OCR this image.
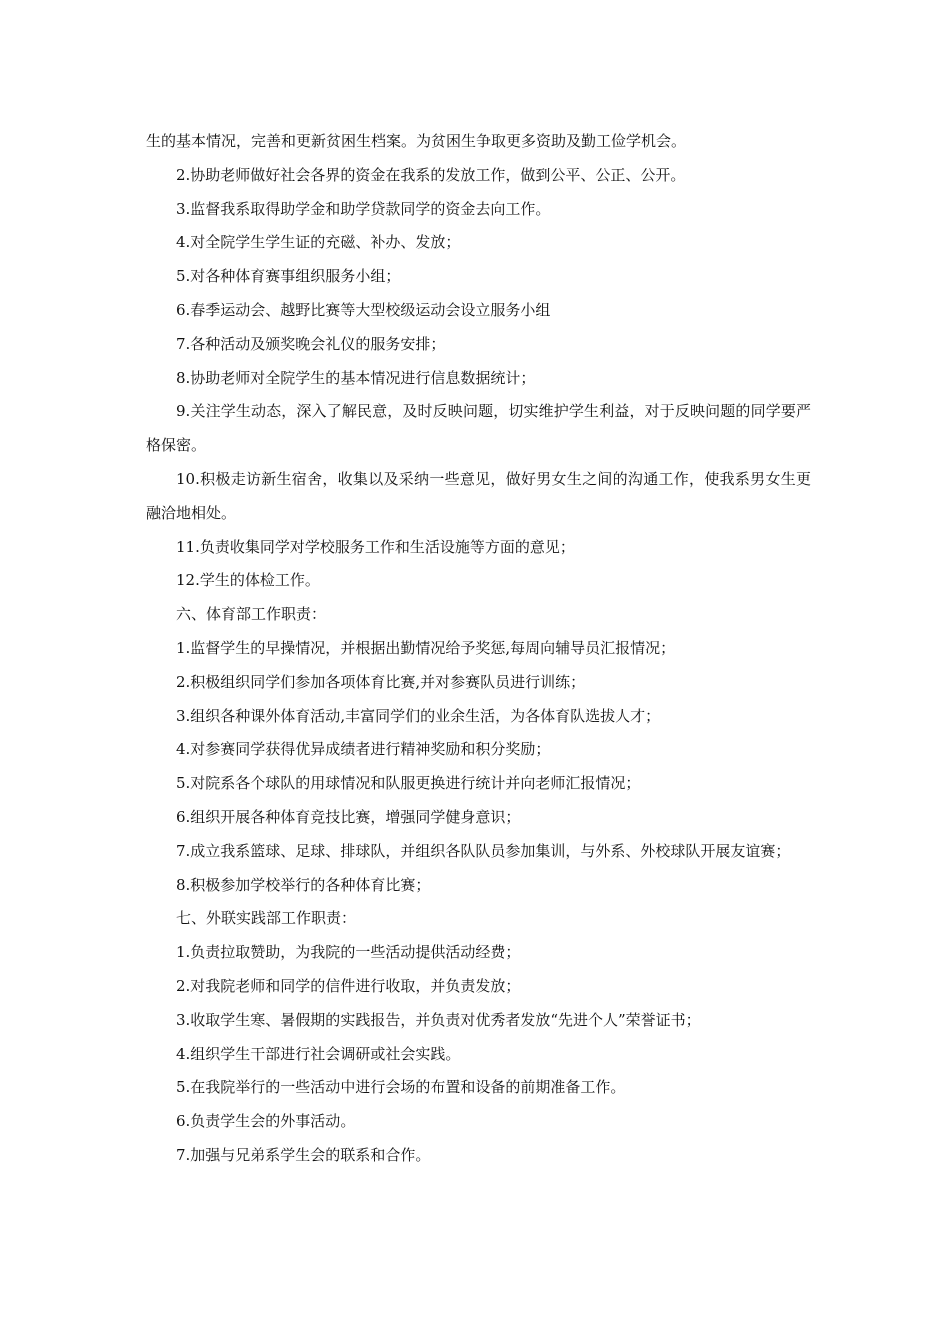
生的基本情况，完善和更新贫困生档案。为贫困生争取更多资助及勤工俭学机会。

2.协助老师做好社会各界的资金在我系的发放工作，做到公平、公正、公开。

3.监督我系取得助学金和助学贷款同学的资金去向工作。

4.对全院学生学生证的充磁、补办、发放；

5.对各种体育赛事组织服务小组；

6.春季运动会、越野比赛等大型校级运动会设立服务小组

7.各种活动及颁奖晚会礼仪的服务安排；

8.协助老师对全院学生的基本情况进行信息数据统计；

9.关注学生动态，深入了解民意，及时反映问题，切实维护学生利益，对于反映问题的同学要严格保密。

10.积极走访新生宿舍，收集以及采纳一些意见，做好男女生之间的沟通工作，使我系男女生更融洽地相处。

11.负责收集同学对学校服务工作和生活设施等方面的意见；

12.学生的体检工作。

六、体育部工作职责：

1.监督学生的早操情况，并根据出勤情况给予奖惩,每周向辅导员汇报情况；

2.积极组织同学们参加各项体育比赛,并对参赛队员进行训练；

3.组织各种课外体育活动,丰富同学们的业余生活，为各体育队选拔人才；

4.对参赛同学获得优异成绩者进行精神奖励和积分奖励；

5.对院系各个球队的用球情况和队服更换进行统计并向老师汇报情况；

6.组织开展各种体育竞技比赛，增强同学健身意识；

7.成立我系篮球、足球、排球队，并组织各队队员参加集训，与外系、外校球队开展友谊赛；

8.积极参加学校举行的各种体育比赛；

七、外联实践部工作职责：

1.负责拉取赞助，为我院的一些活动提供活动经费；

2.对我院老师和同学的信件进行收取，并负责发放；

3.收取学生寒、暑假期的实践报告，并负责对优秀者发放“先进个人”荣誉证书；

4.组织学生干部进行社会调研或社会实践。

5.在我院举行的一些活动中进行会场的布置和设备的前期准备工作。

6.负责学生会的外事活动。

7.加强与兄弟系学生会的联系和合作。
